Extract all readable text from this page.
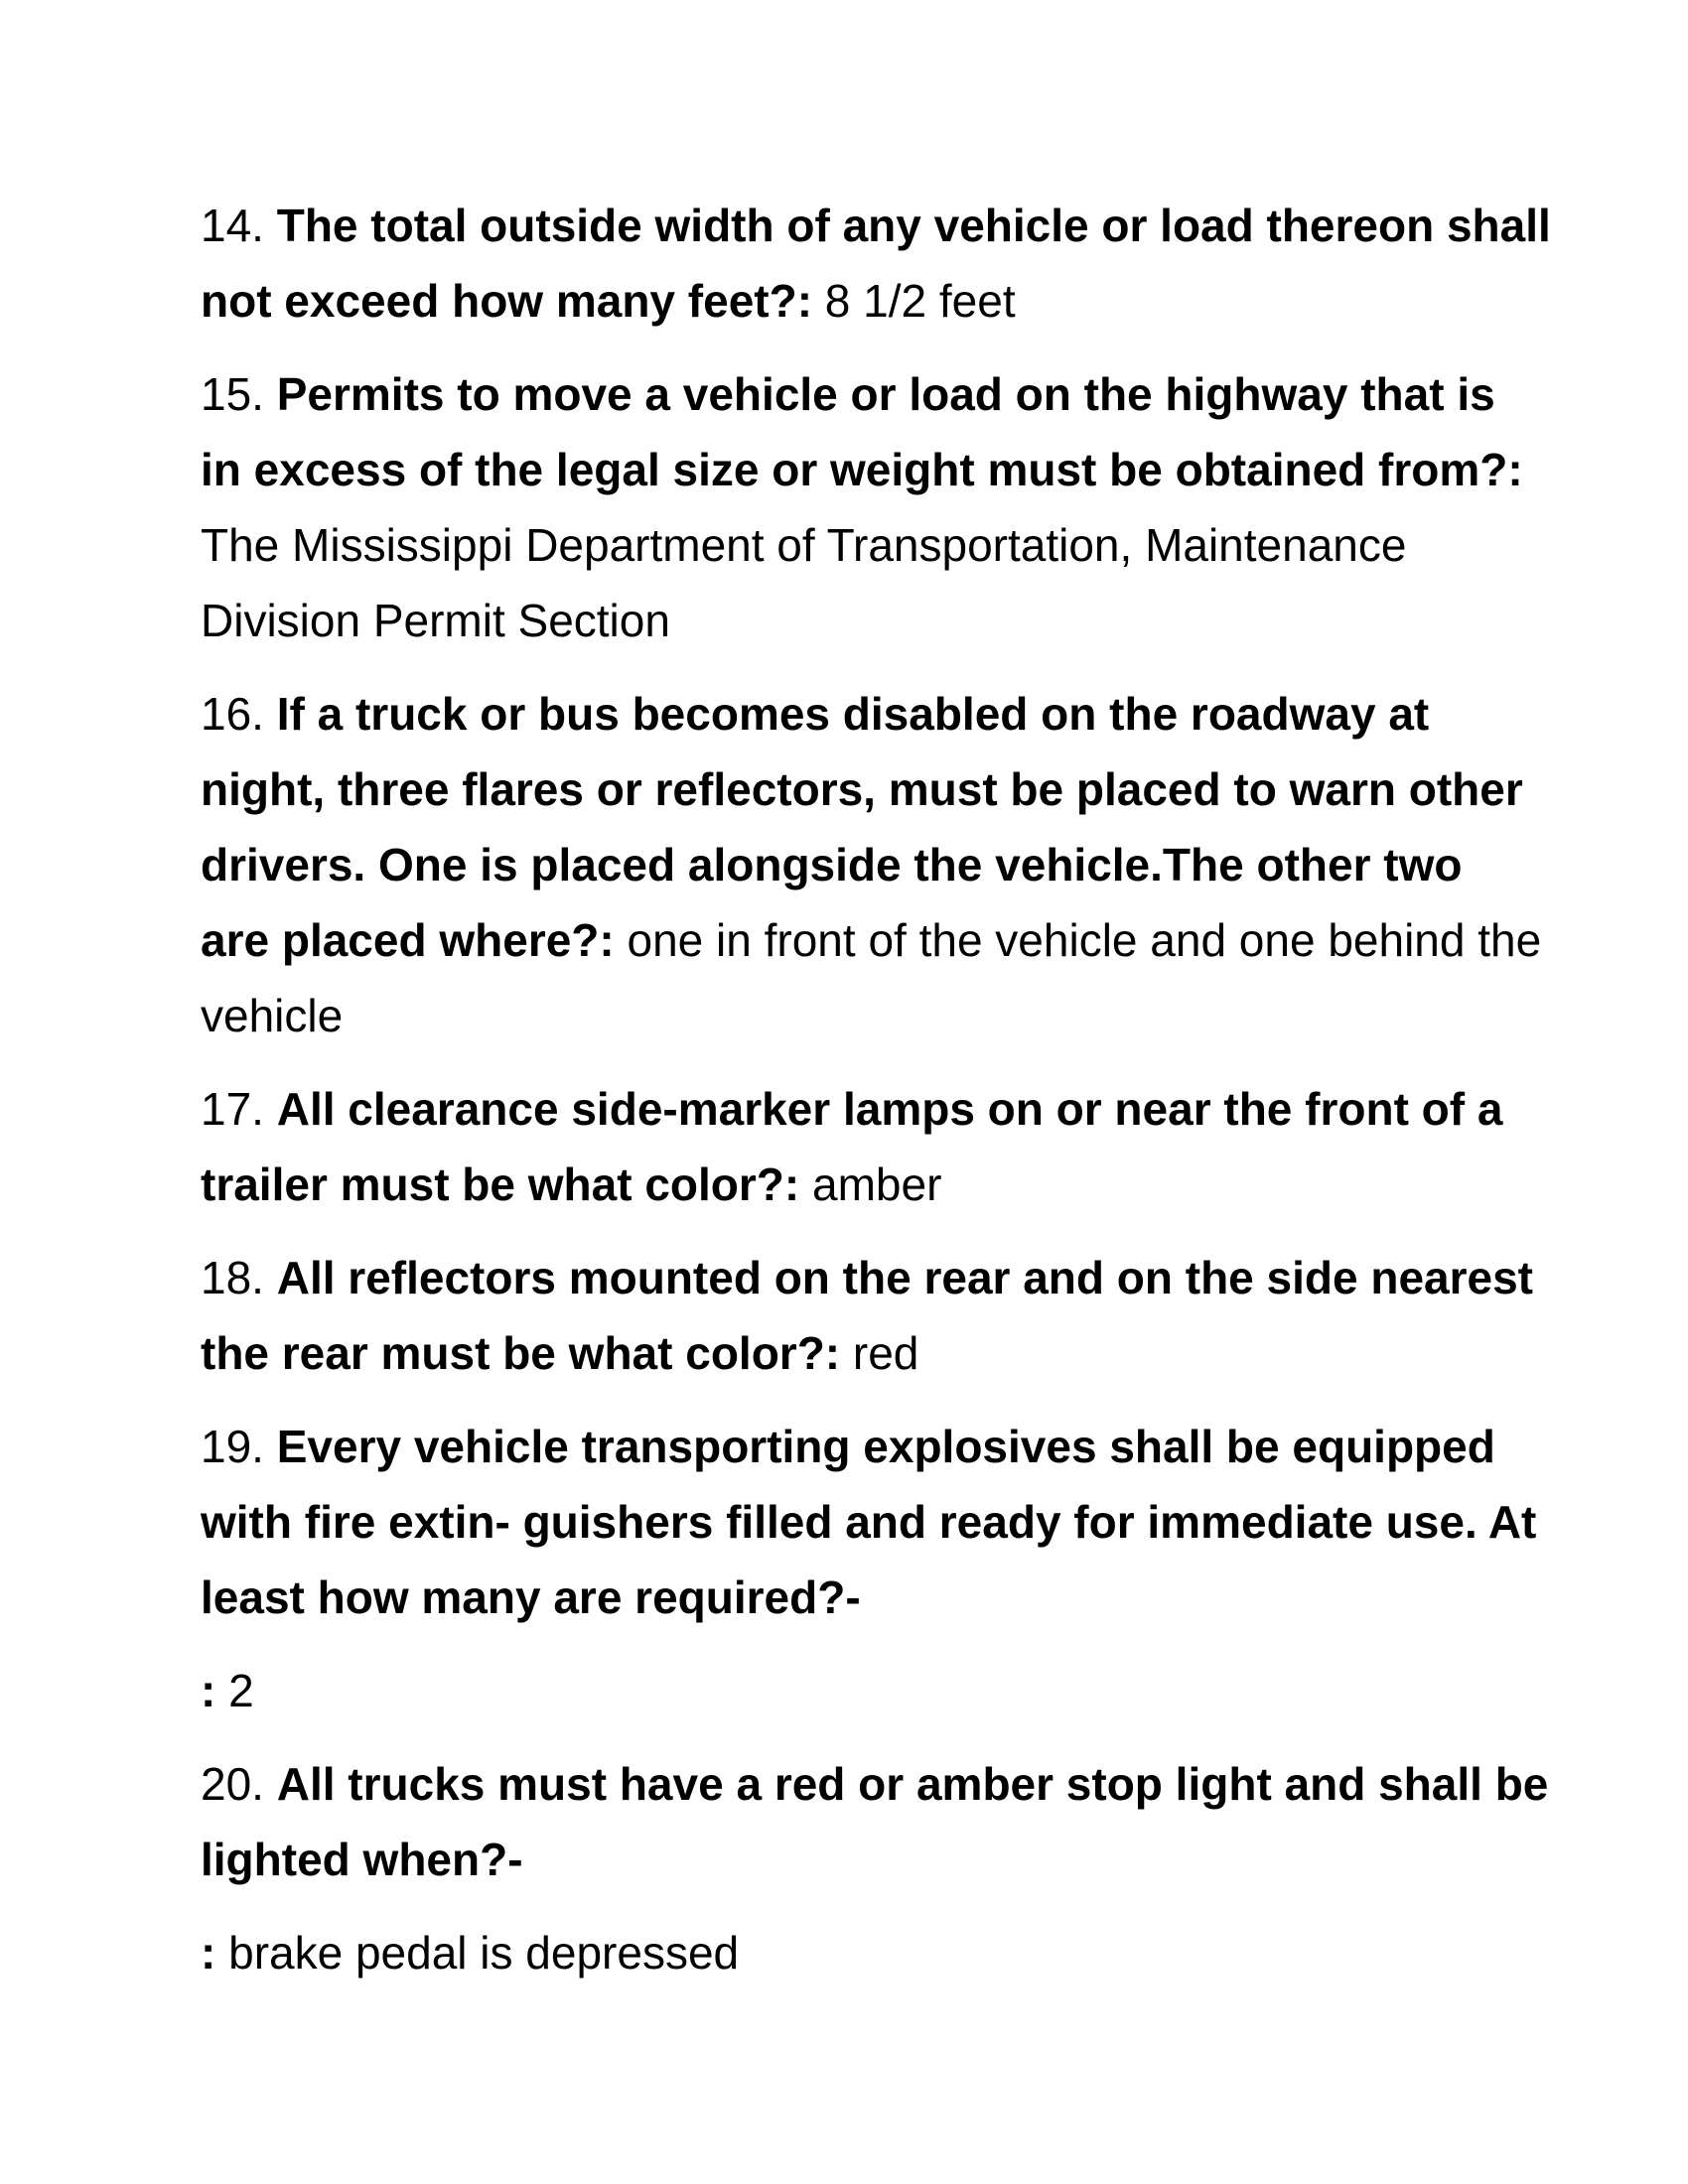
14. The total outside width of any vehicle or load thereon shall
not exceed how many feet?: 8 1/2 feet

15. Permits to move a vehicle or load on the highway that is
in excess of the legal size or weight must be obtained from?:
The Mississippi Department of Transportation, Maintenance
Division Permit Section

16. If a truck or bus becomes disabled on the roadway at
night, three flares or reflectors, must be placed to warn other
drivers. One is placed alongside the vehicle.The other two
are placed where?: one in front of the vehicle and one behind the
vehicle

17. All clearance side-marker lamps on or near the front of a
trailer must be what color?: amber

18. All reflectors mounted on the rear and on the side nearest
the rear must be what color?: red

19. Every vehicle transporting explosives shall be equipped
with fire extin- guishers filled and ready for immediate use. At
least how many are required?-

: 2

20. All trucks must have a red or amber stop light and shall be
lighted when?-

: brake pedal is depressed
